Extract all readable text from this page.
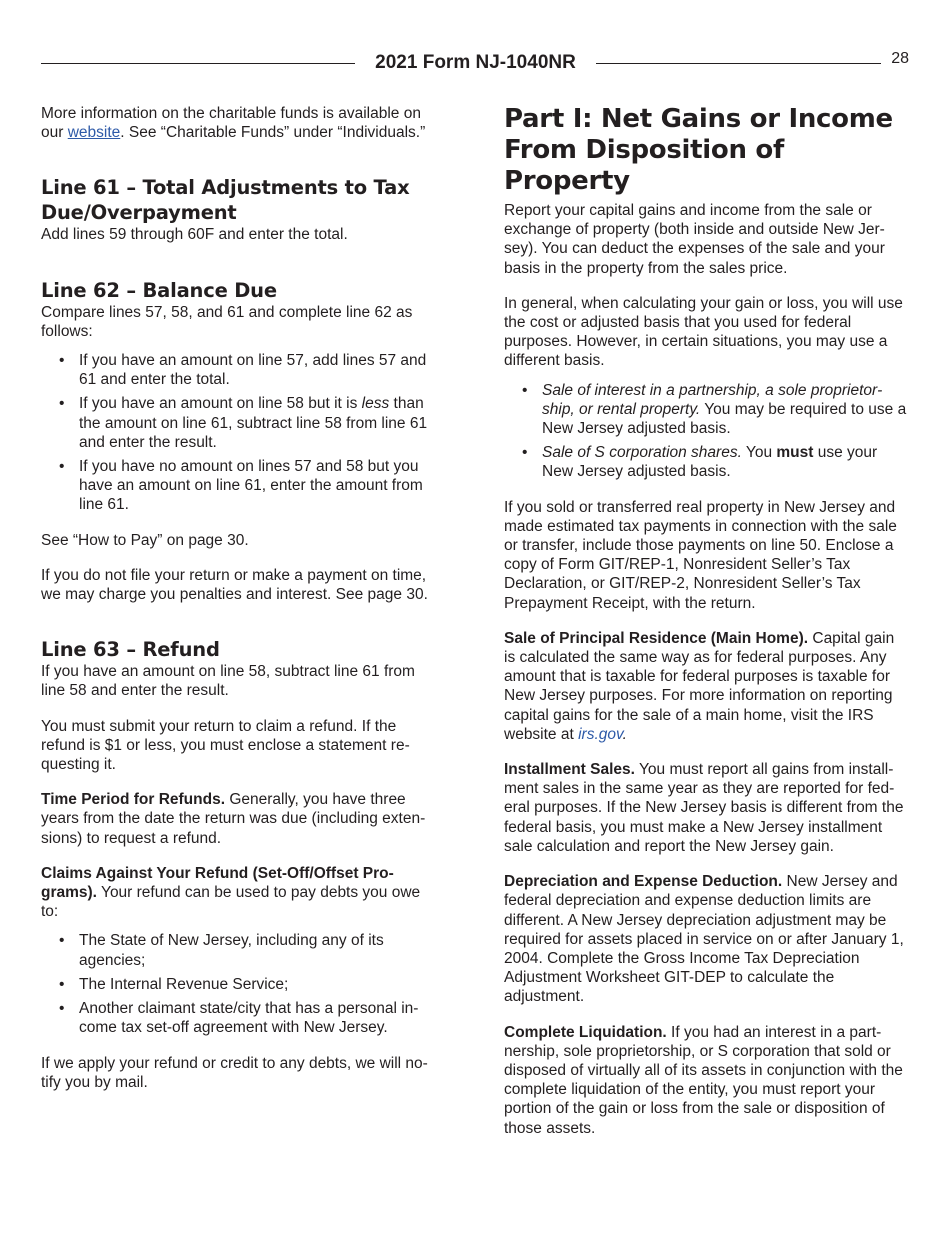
2021 Form NJ-1040NR	28

More information on the charitable funds is available on our website. See “Charitable Funds” under “Individuals.”

Line 61 – Total Adjustments to Tax Due/Overpayment

Add lines 59 through 60F and enter the total.

Line 62 – Balance Due

Compare lines 57, 58, and 61 and complete line 62 as follows:

• If you have an amount on line 57, add lines 57 and 61 and enter the total.
• If you have an amount on line 58 but it is less than the amount on line 61, subtract line 58 from line 61 and enter the result.
• If you have no amount on lines 57 and 58 but you have an amount on line 61, enter the amount from line 61.

See “How to Pay” on page 30.

If you do not file your return or make a payment on time, we may charge you penalties and interest. See page 30.

Line 63 – Refund

If you have an amount on line 58, subtract line 61 from line 58 and enter the result.

You must submit your return to claim a refund. If the refund is $1 or less, you must enclose a statement requesting it.

Time Period for Refunds. Generally, you have three years from the date the return was due (including extensions) to request a refund.

Claims Against Your Refund (Set-Off/Offset Programs). Your refund can be used to pay debts you owe to:

• The State of New Jersey, including any of its agencies;
• The Internal Revenue Service;
• Another claimant state/city that has a personal income tax set-off agreement with New Jersey.

If we apply your refund or credit to any debts, we will notify you by mail.

Part I: Net Gains or Income From Disposition of Property

Report your capital gains and income from the sale or exchange of property (both inside and outside New Jersey). You can deduct the expenses of the sale and your basis in the property from the sales price.

In general, when calculating your gain or loss, you will use the cost or adjusted basis that you used for federal purposes. However, in certain situations, you may use a different basis.

• Sale of interest in a partnership, a sole proprietorship, or rental property. You may be required to use a New Jersey adjusted basis.
• Sale of S corporation shares. You must use your New Jersey adjusted basis.

If you sold or transferred real property in New Jersey and made estimated tax payments in connection with the sale or transfer, include those payments on line 50. Enclose a copy of Form GIT/REP-1, Nonresident Seller’s Tax Declaration, or GIT/REP-2, Nonresident Seller’s Tax Prepayment Receipt, with the return.

Sale of Principal Residence (Main Home). Capital gain is calculated the same way as for federal purposes. Any amount that is taxable for federal purposes is taxable for New Jersey purposes. For more information on reporting capital gains for the sale of a main home, visit the IRS website at irs.gov.

Installment Sales. You must report all gains from installment sales in the same year as they are reported for federal purposes. If the New Jersey basis is different from the federal basis, you must make a New Jersey installment sale calculation and report the New Jersey gain.

Depreciation and Expense Deduction. New Jersey and federal depreciation and expense deduction limits are different. A New Jersey depreciation adjustment may be required for assets placed in service on or after January 1, 2004. Complete the Gross Income Tax Depreciation Adjustment Worksheet GIT-DEP to calculate the adjustment.

Complete Liquidation. If you had an interest in a partnership, sole proprietorship, or S corporation that sold or disposed of virtually all of its assets in conjunction with the complete liquidation of the entity, you must report your portion of the gain or loss from the sale or disposition of those assets.
